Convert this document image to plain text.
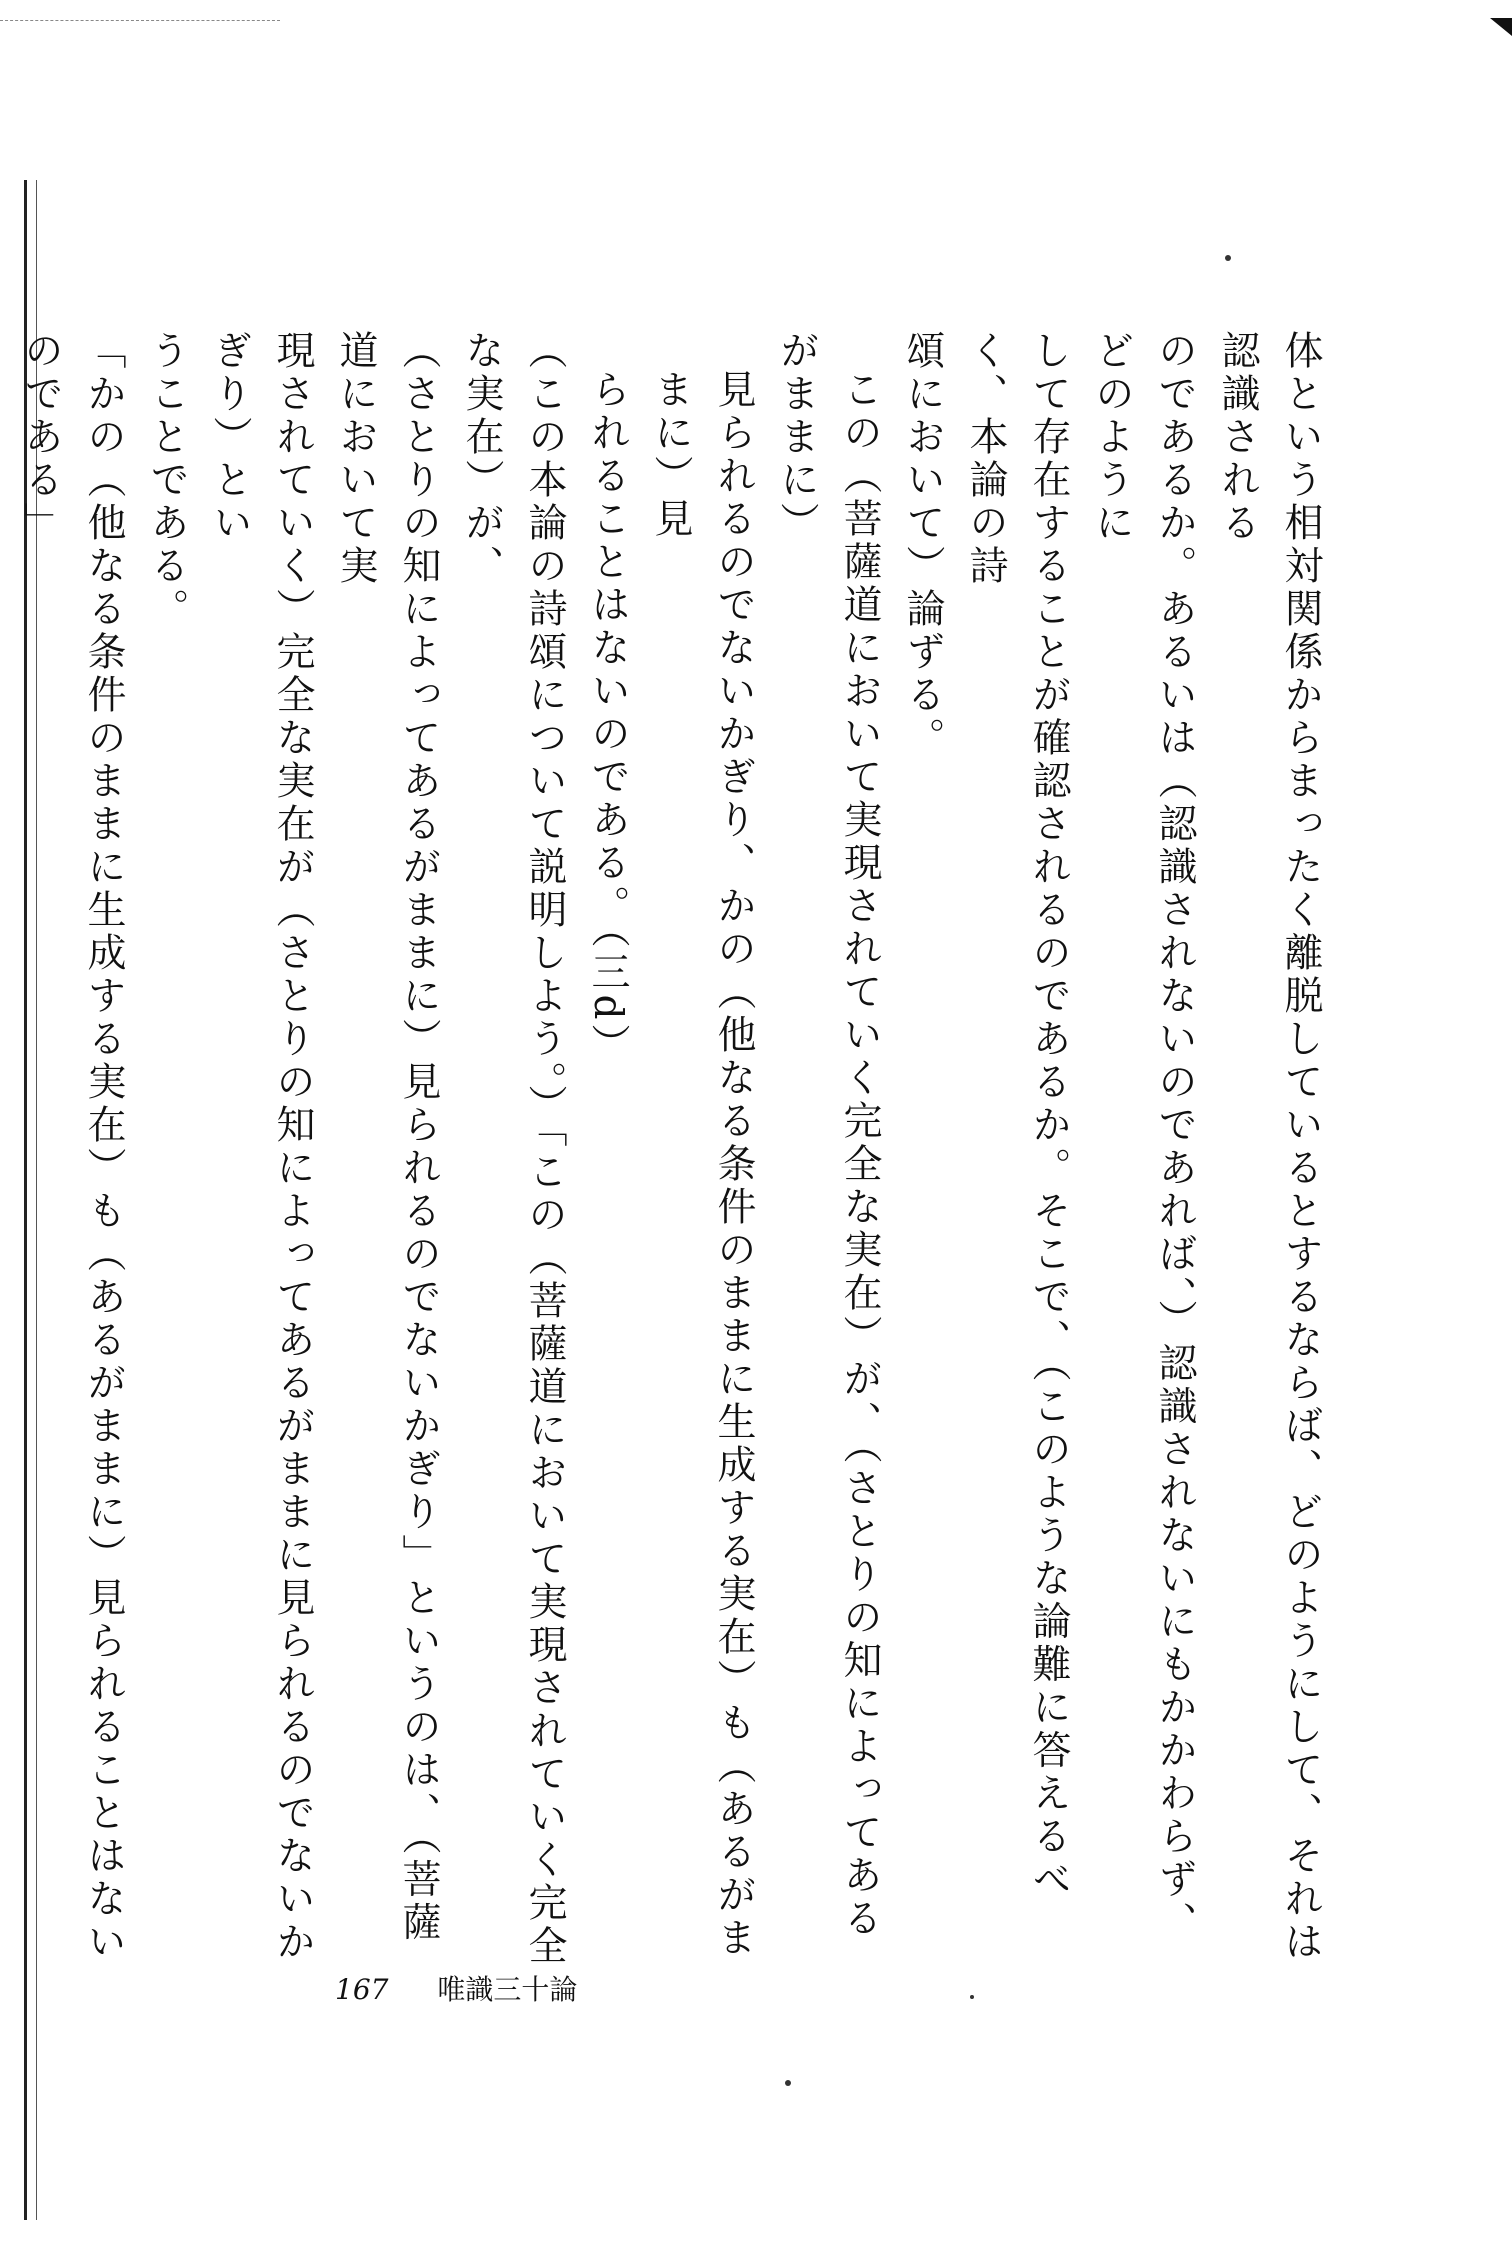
体という相対関係からまったく離脱しているとするならば、どのようにして、それは認識される

のであるか。あるいは（認識されないのであれば、）認識されないにもかかわらず、どのように

して存在することが確認されるのであるか。そこで、（このような論難に答えるべく、本論の詩

頌において）論ずる。

この（菩薩道において実現されていく完全な実在）が、（さとりの知によってあるがままに）

見られるのでないかぎり、かの（他なる条件のままに生成する実在）も（あるがままに）見

られることはないのである。（三d）

（この本論の詩頌について説明しよう。）「この（菩薩道において実現されていく完全な実在）が、

（さとりの知によってあるがままに）見られるのでないかぎり」というのは、（菩薩道において実

現されていく）完全な実在が（さとりの知によってあるがままに見られるのでないかぎり）とい

うことである。

「かの（他なる条件のままに生成する実在）も（あるがままに）見られることはないのである」

167 唯識三十論
